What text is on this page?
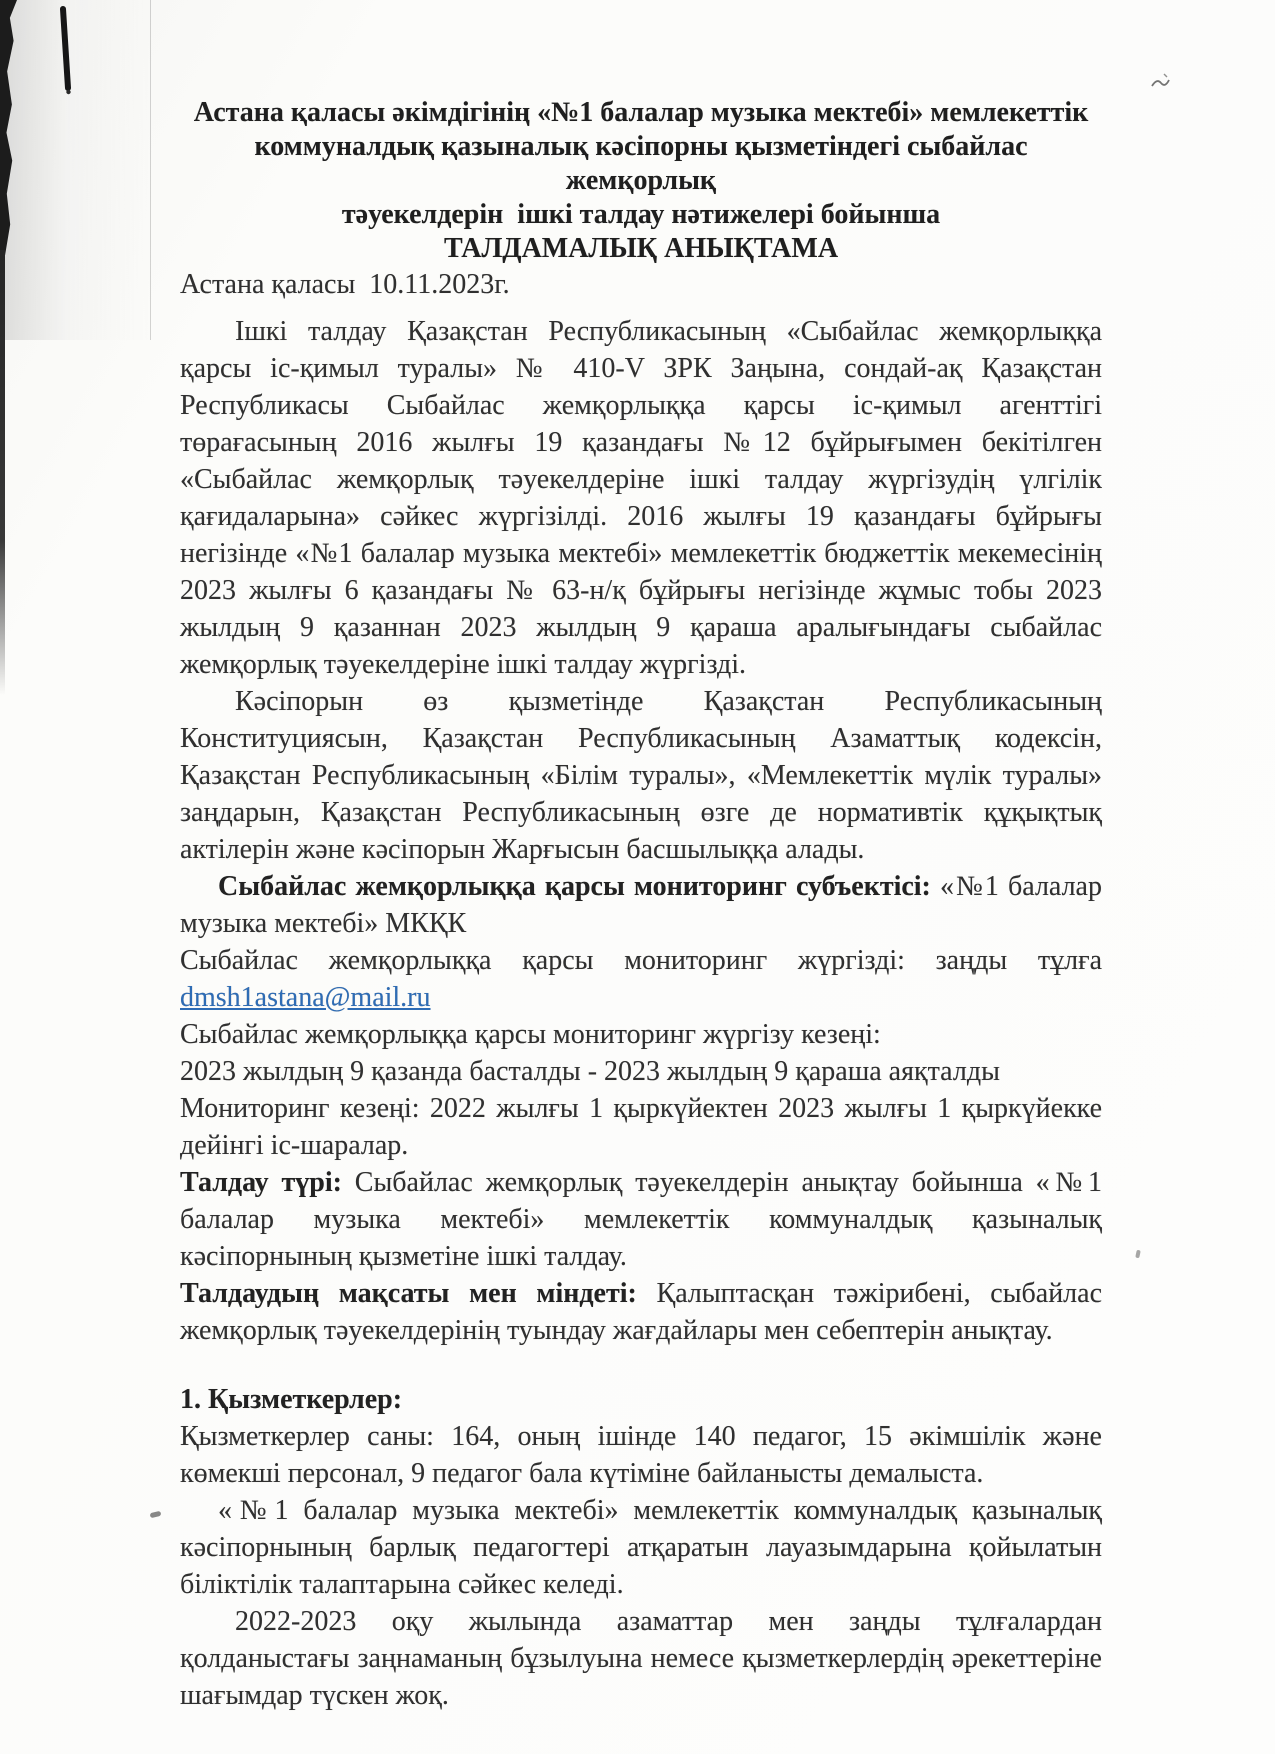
Астана қаласы әкімдігінің «№1 балалар музыка мектебі» мемлекеттік
коммуналдық қазыналық кәсіпорны қызметіндегі сыбайлас жемқорлық
тәуекелдерін  ішкі талдау нәтижелері бойынша
ТАЛДАМАЛЫҚ АНЫҚТАМА

Астана қаласы  10.11.2023г.

Ішкі талдау Қазақстан Республикасының «Сыбайлас жемқорлыққа қарсы іс-қимыл туралы» № 410-V ЗРК Заңына, сондай-ақ Қазақстан Республикасы Сыбайлас жемқорлыққа қарсы іс-қимыл агенттігі төрағасының 2016 жылғы 19 қазандағы №12 бұйрығымен бекітілген «Сыбайлас жемқорлық тәуекелдеріне ішкі талдау жүргізудің үлгілік қағидаларына» сәйкес жүргізілді. 2016 жылғы 19 қазандағы бұйрығы негізінде «№1 балалар музыка мектебі» мемлекеттік бюджеттік мекемесінің 2023 жылғы 6 қазандағы № 63-н/қ бұйрығы негізінде жұмыс тобы 2023 жылдың 9 қазаннан 2023 жылдың 9 қараша аралығындағы сыбайлас жемқорлық тәуекелдеріне ішкі талдау жүргізді.

Кәсіпорын өз қызметінде Қазақстан Республикасының Конституциясын, Қазақстан Республикасының Азаматтық кодексін, Қазақстан Республикасының «Білім туралы», «Мемлекеттік мүлік туралы» заңдарын, Қазақстан Республикасының өзге де нормативтік құқықтық актілерін және кәсіпорын Жарғысын басшылыққа алады.

Сыбайлас жемқорлыққа қарсы мониторинг субъектісі: «№1 балалар музыка мектебі» МКҚК

Сыбайлас жемқорлыққа қарсы мониторинг жүргізді: заңды тұлға

dmsh1astana@mail.ru

Сыбайлас жемқорлыққа қарсы мониторинг жүргізу кезеңі:

2023 жылдың 9 қазанда басталды - 2023 жылдың 9 қараша аяқталды

Мониторинг кезеңі: 2022 жылғы 1 қыркүйектен 2023 жылғы 1 қыркүйекке дейінгі іс-шаралар.

Талдау түрі: Сыбайлас жемқорлық тәуекелдерін анықтау бойынша «№1 балалар музыка мектебі» мемлекеттік коммуналдық қазыналық кәсіпорнының қызметіне ішкі талдау.

Талдаудың мақсаты мен міндеті: Қалыптасқан тәжірибені, сыбайлас жемқорлық тәуекелдерінің туындау жағдайлары мен себептерін анықтау.

1. Қызметкерлер:

Қызметкерлер саны: 164, оның ішінде 140 педагог, 15 әкімшілік және көмекші персонал, 9 педагог бала күтіміне байланысты демалыста.

«№1 балалар музыка мектебі» мемлекеттік коммуналдық қазыналық кәсіпорнының барлық педагогтері атқаратын лауазымдарына қойылатын біліктілік талаптарына сәйкес келеді.

2022-2023 оқу жылында азаматтар мен заңды тұлғалардан қолданыстағы заңнаманың бұзылуына немесе қызметкерлердің әрекеттеріне шағымдар түскен жоқ.
